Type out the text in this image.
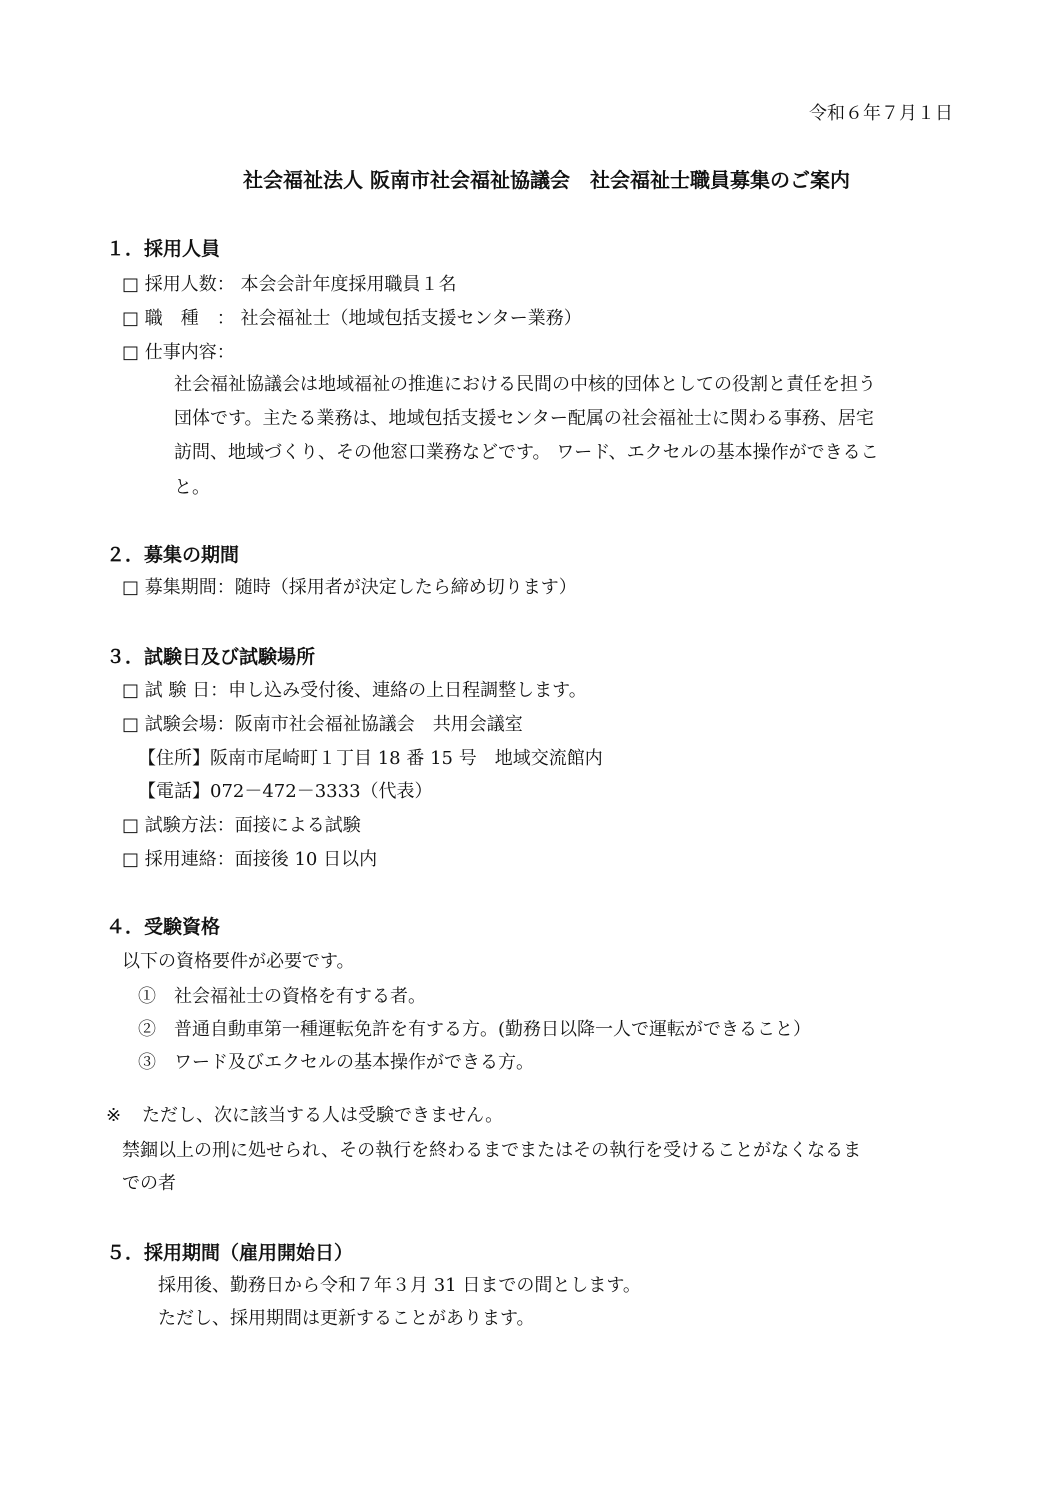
令和６年７月１日
社会福祉法人 阪南市社会福祉協議会　社会福祉士職員募集のご案内
１．採用人員
□ 採用人数： 本会会計年度採用職員１名
□ 職　種　： 社会福祉士（地域包括支援センター業務）
□ 仕事内容：
社会福祉協議会は地域福祉の推進における民間の中核的団体としての役割と責任を担う
団体です。主たる業務は、地域包括支援センター配属の社会福祉士に関わる事務、居宅
訪問、地域づくり、その他窓口業務などです。 ワード、エクセルの基本操作ができるこ
と。
２．募集の期間
□ 募集期間：随時（採用者が決定したら締め切ります）
３．試験日及び試験場所
□ 試 験 日：申し込み受付後、連絡の上日程調整します。
□ 試験会場：阪南市社会福祉協議会　共用会議室
【住所】阪南市尾崎町１丁目 18 番 15 号　地域交流館内
【電話】072－472－3333（代表）
□ 試験方法：面接による試験
□ 採用連絡：面接後 10 日以内
４．受験資格
以下の資格要件が必要です。
①　社会福祉士の資格を有する者。
②　普通自動車第一種運転免許を有する方。(勤務日以降一人で運転ができること）
③　ワード及びエクセルの基本操作ができる方。
※ ただし、次に該当する人は受験できません。
禁錮以上の刑に処せられ、その執行を終わるまでまたはその執行を受けることがなくなるま
での者
５．採用期間（雇用開始日）
採用後、勤務日から令和７年３月 31 日までの間とします。
ただし、採用期間は更新することがあります。
